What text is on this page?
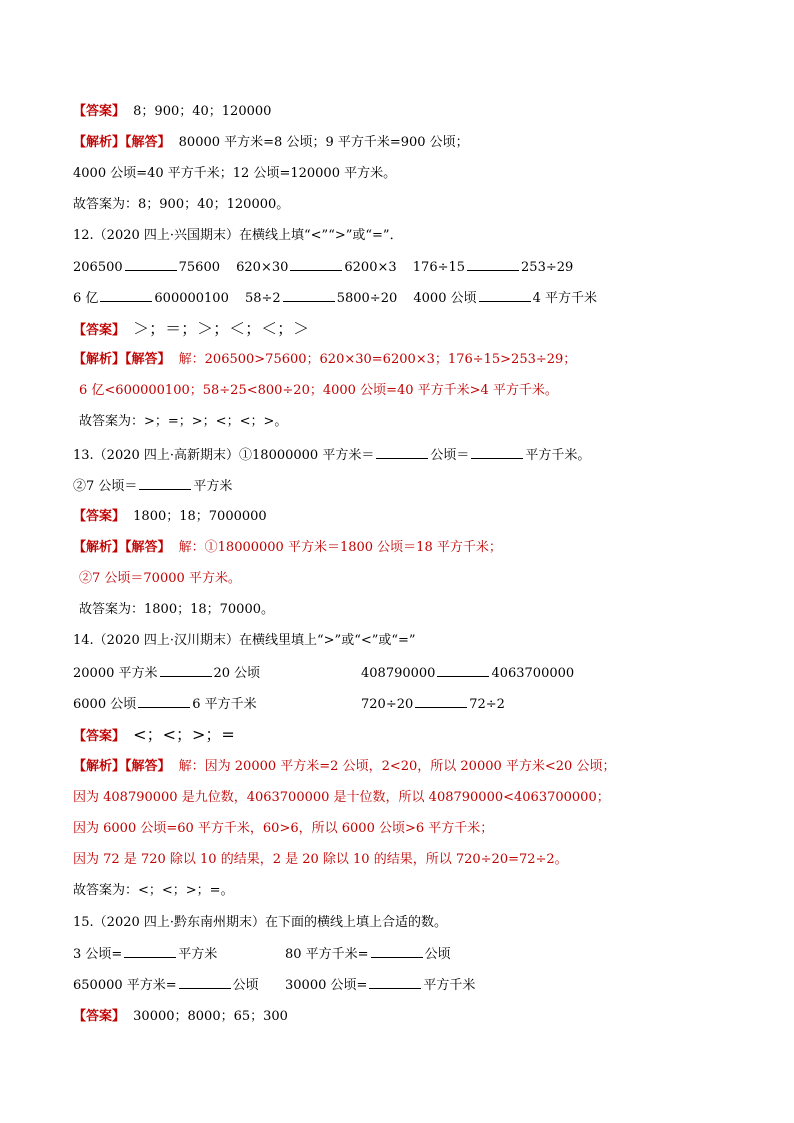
【答案】 8；900；40；120000
【解析】【解答】 80000 平方米=8 公顷；9 平方千米=900 公顷；
4000 公顷=40 平方千米；12 公顷=120000 平方米。
故答案为：8；900；40；120000。
12.（2020 四上·兴国期末）在横线上填“<”“>”或“=”．
206500	75600 620×30	6200×3 176÷15	253÷29
6 亿	600000100 58÷2	5800÷20 4000 公顷	4 平方千米
【答案】 ＞；＝；＞；＜；＜；＞
【解析】【解答】 解：206500>75600；620×30=6200×3；176÷15>253÷29；
6 亿<600000100；58÷25<800÷20；4000 公顷=40 平方千米>4 平方千米。
故答案为：>；=；>；<；<；>。
13.（2020 四上·高新期末）①18000000 平方米＝	公顷＝	平方千米。
②7 公顷＝	平方米
【答案】 1800；18；7000000
【解析】【解答】 解：①18000000 平方米＝1800 公顷＝18 平方千米；
②7 公顷＝70000 平方米。
故答案为：1800；18；70000。
14.（2020 四上·汉川期末）在横线里填上“>”或“<”或“=”
20000 平方米	20 公顷	408790000	4063700000
6000 公顷	6 平方千米	720÷20	72÷2
【答案】 <；<；>；=
【解析】【解答】 解：因为 20000 平方米=2 公顷，2<20，所以 20000 平方米<20 公顷；
因为 408790000 是九位数，4063700000 是十位数，所以 408790000<4063700000；
因为 6000 公顷=60 平方千米，60>6，所以 6000 公顷>6 平方千米；
因为 72 是 720 除以 10 的结果，2 是 20 除以 10 的结果，所以 720÷20=72÷2。
故答案为：<；<；>；=。
15.（2020 四上·黔东南州期末）在下面的横线上填上合适的数。
3 公顷=	平方米	80 平方千米=	公顷
650000 平方米=	公顷 30000 公顷=	平方千米
【答案】 30000；8000；65；300
